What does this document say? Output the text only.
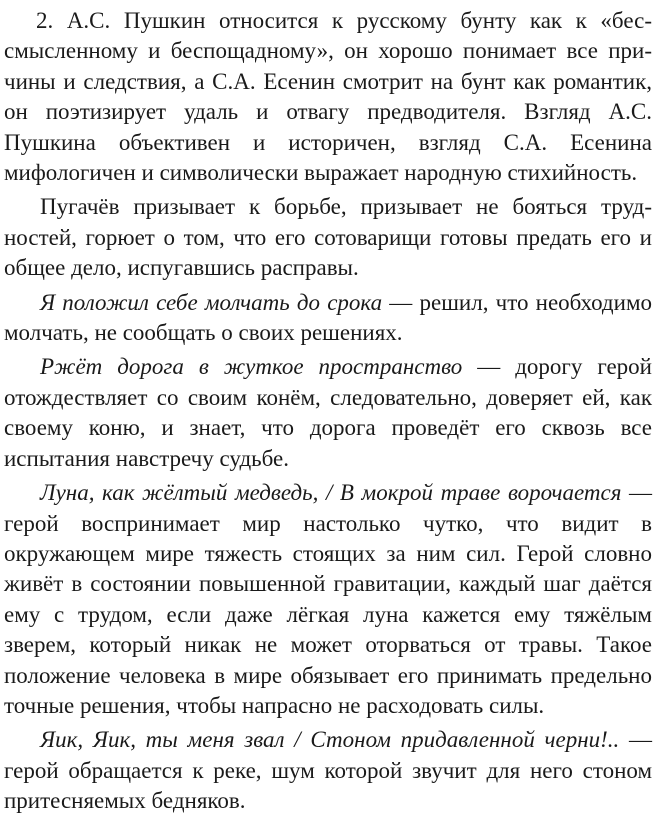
2. А.С. Пушкин относится к русскому бунту как к «бессмысленному и беспощадному», он хорошо понимает все причины и следствия, а С.А. Есенин смотрит на бунт как романтик, он поэтизирует удаль и отвагу предводителя. Взгляд А.С. Пушкина объективен и историчен, взгляд С.А. Есенина мифологичен и символически выражает народную стихийность.

Пугачёв призывает к борьбе, призывает не бояться трудностей, горюет о том, что его сотоварищи готовы предать его и общее дело, испугавшись расправы.

Я положил себе молчать до срока — решил, что необходимо молчать, не сообщать о своих решениях.

Ржёт дорога в жуткое пространство — дорогу герой отождествляет со своим конём, следовательно, доверяет ей, как своему коню, и знает, что дорога проведёт его сквозь все испытания навстречу судьбе.

Луна, как жёлтый медведь, / В мокрой траве ворочается — герой воспринимает мир настолько чутко, что видит в окружающем мире тяжесть стоящих за ним сил. Герой словно живёт в состоянии повышенной гравитации, каждый шаг даётся ему с трудом, если даже лёгкая луна кажется ему тяжёлым зверем, который никак не может оторваться от травы. Такое положение человека в мире обязывает его принимать предельно точные решения, чтобы напрасно не расходовать силы.

Яик, Яик, ты меня звал / Стоном придавленной черни!.. — герой обращается к реке, шум которой звучит для него стоном притесняемых бедняков.
